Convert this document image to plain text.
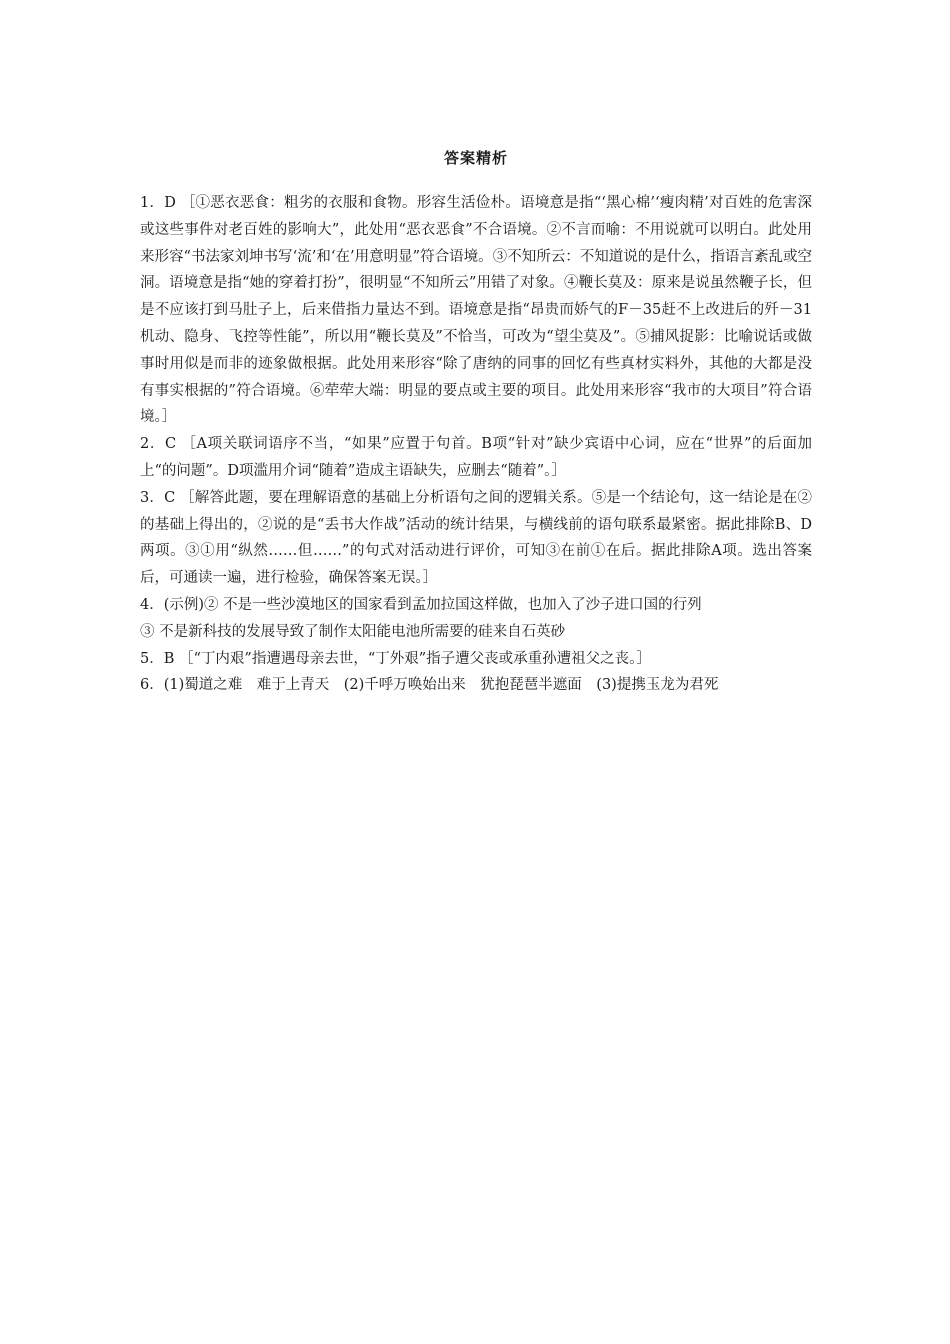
答案精析

1．D ［①恶衣恶食：粗劣的衣服和食物。形容生活俭朴。语境意是指“‘黑心棉’‘瘦肉精’对百姓的危害深或这些事件对老百姓的影响大”，此处用“恶衣恶食”不合语境。②不言而喻：不用说就可以明白。此处用来形容“书法家刘坤书写‘流’和‘在’用意明显”符合语境。③不知所云：不知道说的是什么，指语言紊乱或空洞。语境意是指“她的穿着打扮”，很明显“不知所云”用错了对象。④鞭长莫及：原来是说虽然鞭子长，但是不应该打到马肚子上，后来借指力量达不到。语境意是指“昂贵而娇气的F－35赶不上改进后的歼－31机动、隐身、飞控等性能”，所以用“鞭长莫及”不恰当，可改为“望尘莫及”。⑤捕风捉影：比喻说话或做事时用似是而非的迹象做根据。此处用来形容“除了唐纳的同事的回忆有些真材实料外，其他的大都是没有事实根据的”符合语境。⑥荦荦大端：明显的要点或主要的项目。此处用来形容“我市的大项目”符合语境。］

2．C ［A项关联词语序不当，“如果”应置于句首。B项“针对”缺少宾语中心词，应在“世界”的后面加上“的问题”。D项滥用介词“随着”造成主语缺失，应删去“随着”。］

3．C ［解答此题，要在理解语意的基础上分析语句之间的逻辑关系。⑤是一个结论句，这一结论是在②的基础上得出的，②说的是“丢书大作战”活动的统计结果，与横线前的语句联系最紧密。据此排除B、D两项。③①用“纵然……但……”的句式对活动进行评价，可知③在前①在后。据此排除A项。选出答案后，可通读一遍，进行检验，确保答案无误。］

4．(示例)② 不是一些沙漠地区的国家看到孟加拉国这样做，也加入了沙子进口国的行列

③ 不是新科技的发展导致了制作太阳能电池所需要的硅来自石英砂

5．B ［“丁内艰”指遭遇母亲去世，“丁外艰”指子遭父丧或承重孙遭祖父之丧。］

6．(1)蜀道之难　难于上青天　(2)千呼万唤始出来　犹抱琵琶半遮面　(3)提携玉龙为君死
